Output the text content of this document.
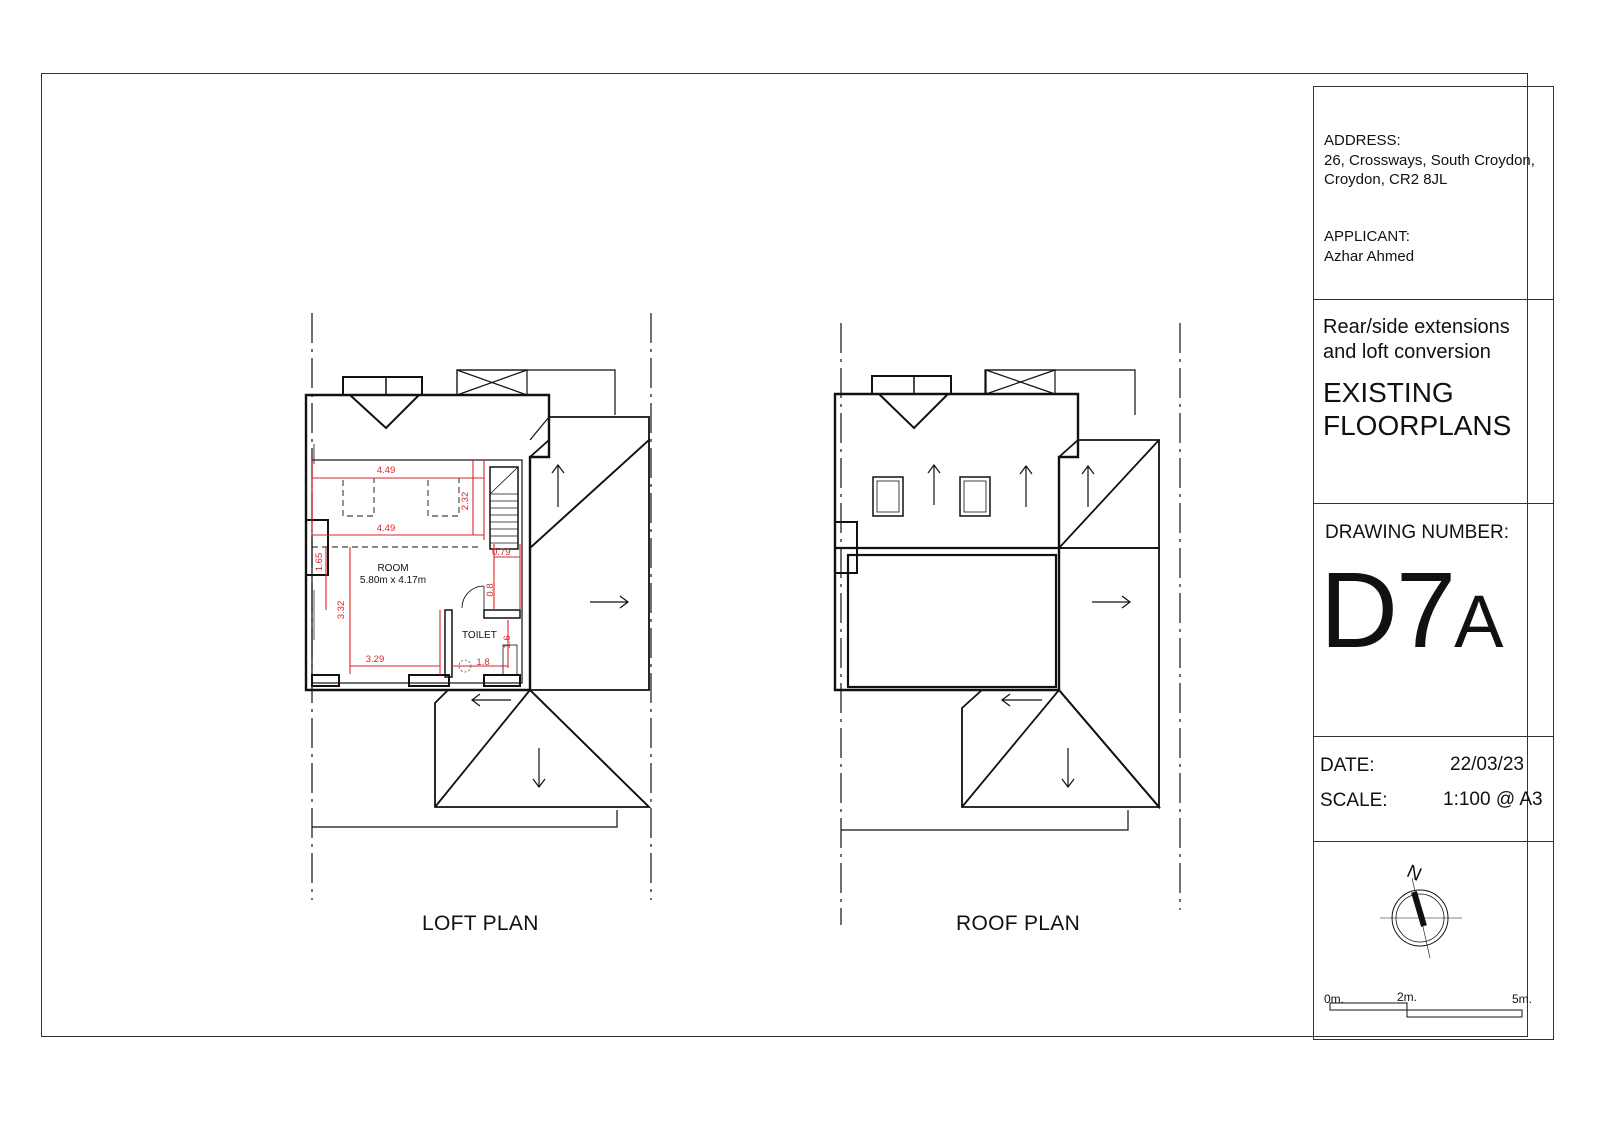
4.49
4.49
2.32
0.79
0.8
1.65
3.32
3.29	1.8
1.6
ROOM
5.80m x 4.17m
TOILET
LOFT PLAN	ROOF PLAN
ADDRESS:
26, Crossways, South Croydon,
Croydon, CR2 8JL
APPLICANT:
Azhar Ahmed
Rear/side extensions
and loft conversion
EXISTING
FLOORPLANS
DRAWING NUMBER:
D7A
DATE:	22/03/23
SCALE:	1:100 @ A3
N
0m.	2m.	5m.
